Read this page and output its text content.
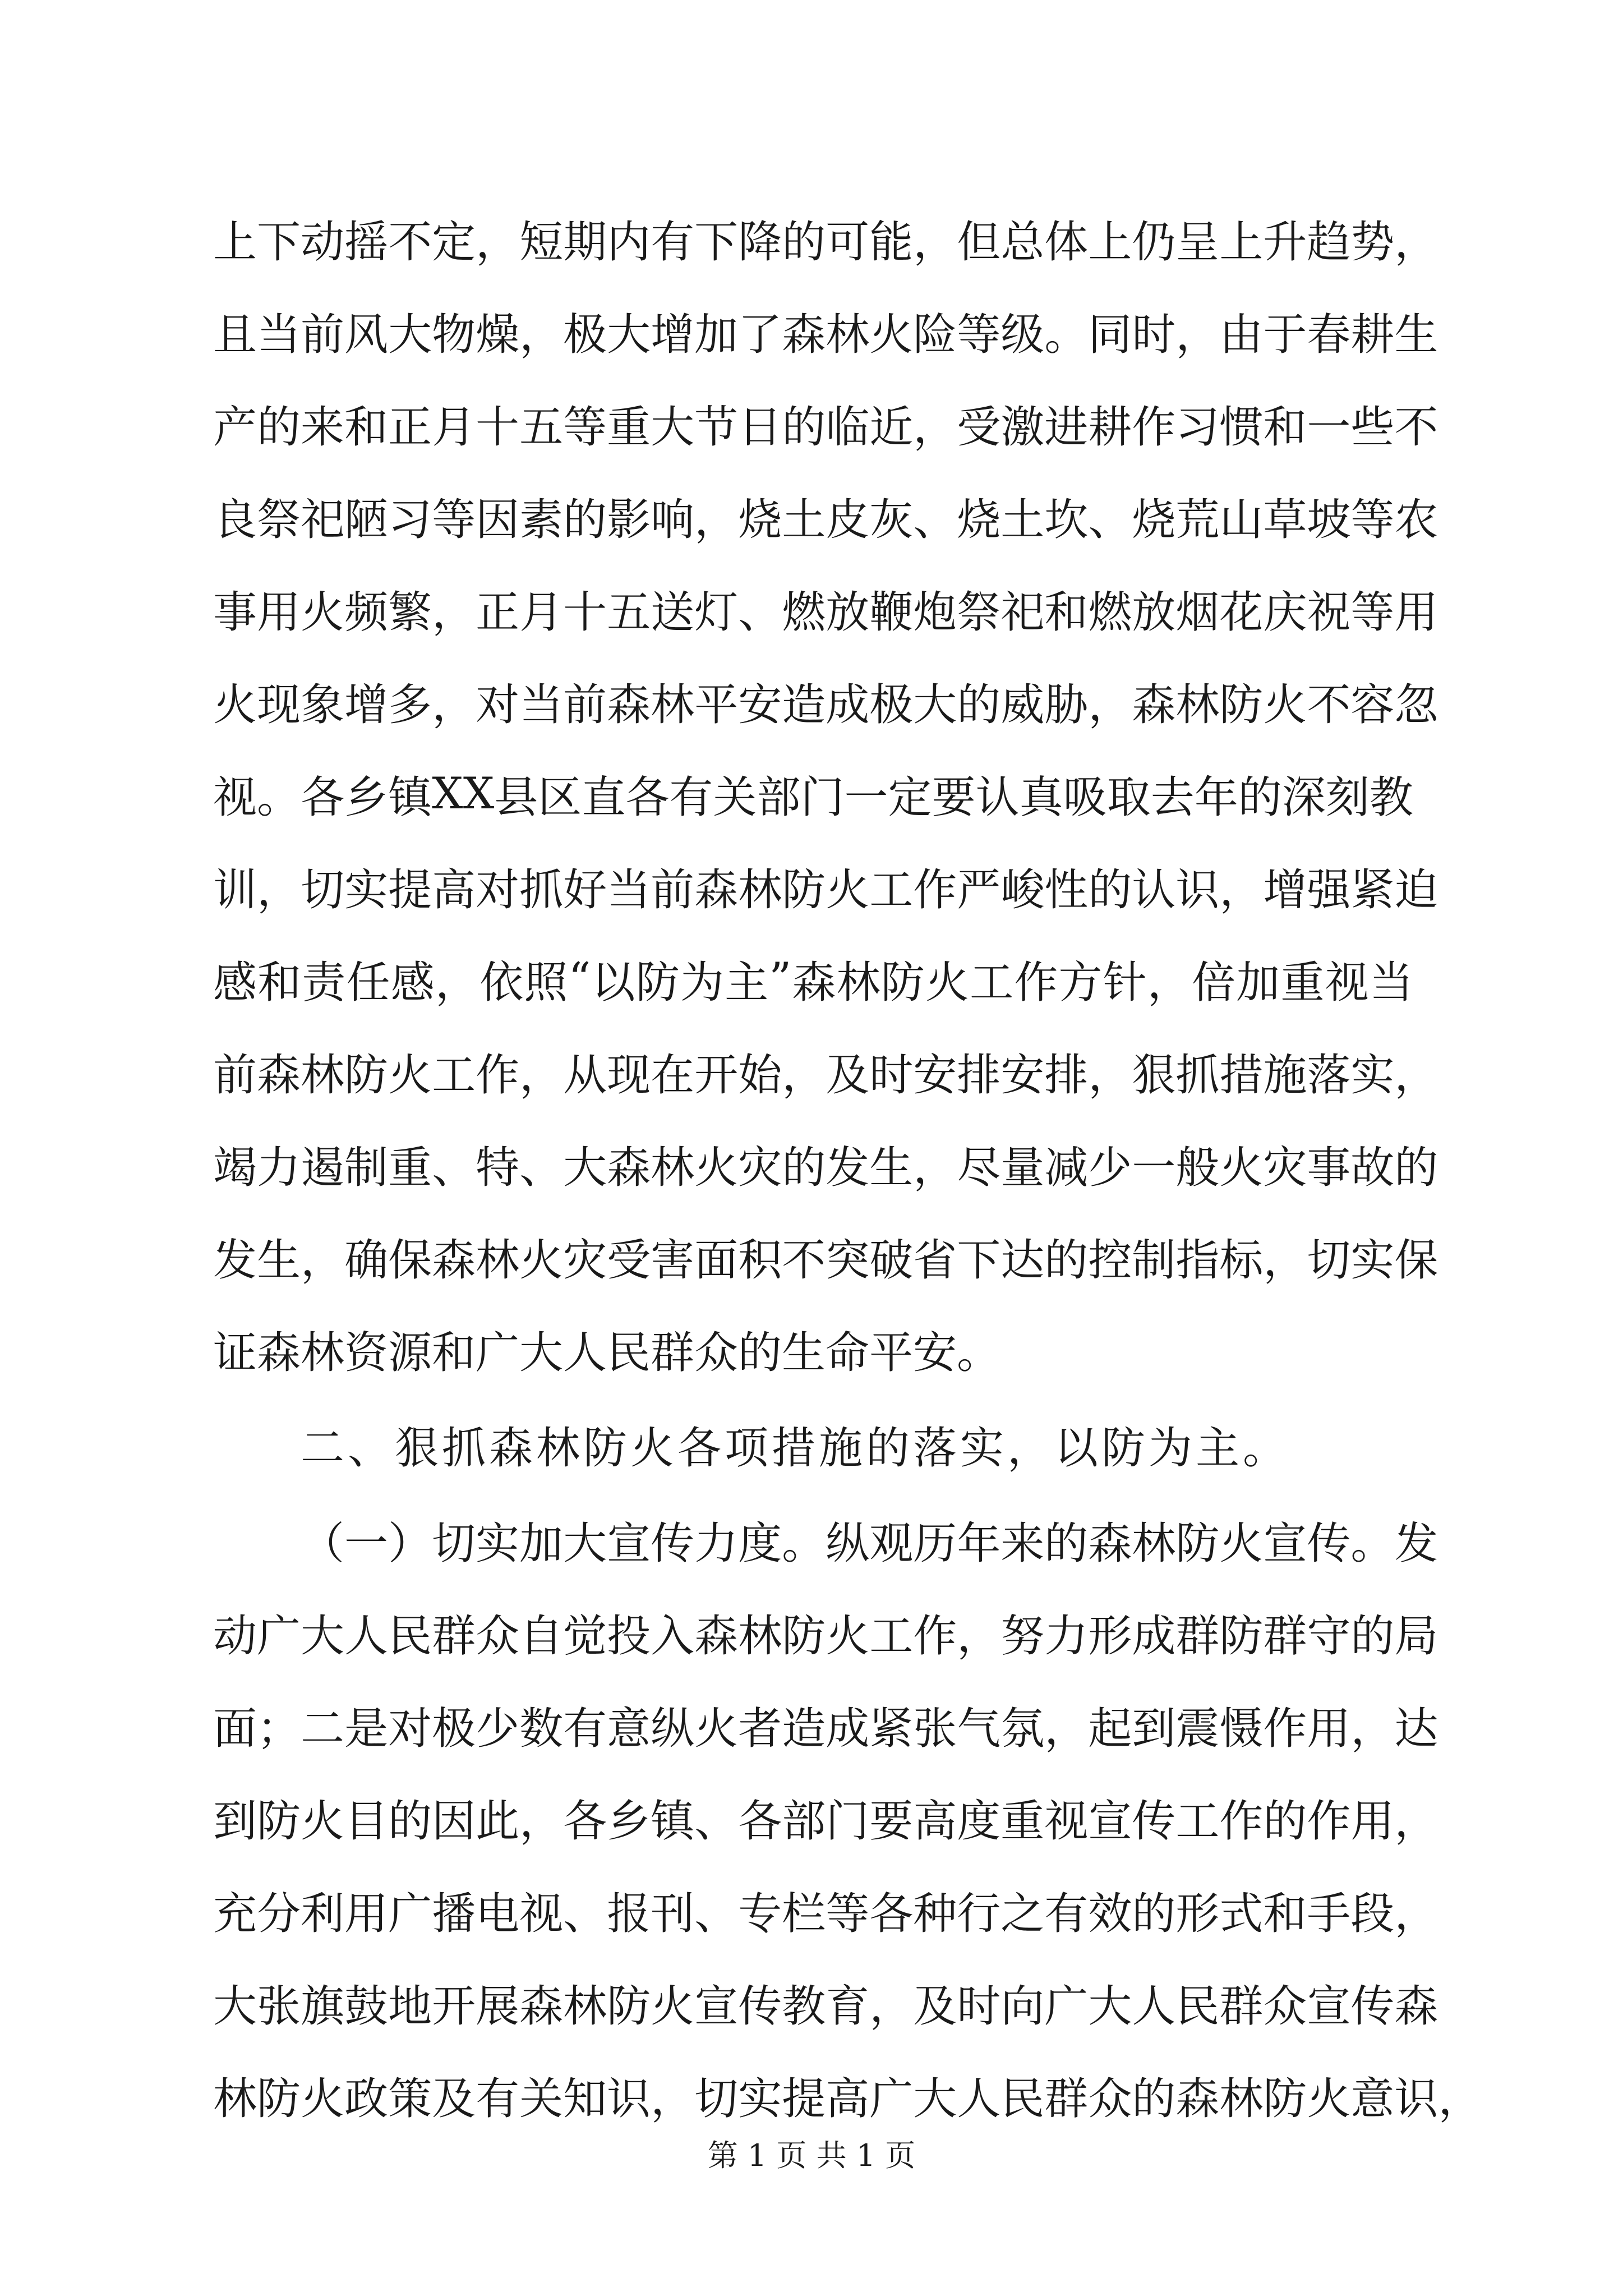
上 下 动 摇 不 定 ， 短 期 内 有 下 降 的 可 能 ， 但 总 体 上 仍 呈 上 升 趋 势 ，
且 当 前 风 大 物 燥 ， 极 大 增 加 了 森 林 火 险 等 级 。 同 时 ， 由 于 春 耕 生
产 的 来 和 正 月 十 五 等 重 大 节 日 的 临 近 ， 受 激 进 耕 作 习 惯 和 一 些 不
良 祭 祀 陋 习 等 因 素 的 影 响 ， 烧 土 皮 灰 、 烧 土 坎 、 烧 荒 山 草 坡 等 农
事 用 火 频 繁 ， 正 月 十 五 送 灯 、 燃 放 鞭 炮 祭 祀 和 燃 放 烟 花 庆 祝 等 用
火 现 象 增 多 ， 对 当 前 森 林 平 安 造 成 极 大 的 威 胁 ， 森 林 防 火 不 容 忽
视 。 各 乡 镇 X X 县 区 直 各 有 关 部 门 一 定 要 认 真 吸 取 去 年 的 深 刻 教
训 ， 切 实 提 高 对 抓 好 当 前 森 林 防 火 工 作 严 峻 性 的 认 识 ， 增 强 紧 迫
感 和 责 任 感 ， 依 照 “ 以 防 为 主 ” 森 林 防 火 工 作 方 针 ， 倍 加 重 视 当
前 森 林 防 火 工 作 ， 从 现 在 开 始 ， 及 时 安 排 安 排 ， 狠 抓 措 施 落 实 ，
竭 力 遏 制 重 、 特 、 大 森 林 火 灾 的 发 生 ， 尽 量 减 少 一 般 火 灾 事 故 的
发 生 ， 确 保 森 林 火 灾 受 害 面 积 不 突 破 省 下 达 的 控 制 指 标 ， 切 实 保
证森林资源和广大人民群众的生命平安。
二、狠抓森林防火各项措施的落实，以防为主。
（ 一 ） 切 实 加 大 宣 传 力 度 。 纵 观 历 年 来 的 森 林 防 火 宣 传 。 发
动 广 大 人 民 群 众 自 觉 投 入 森 林 防 火 工 作 ， 努 力 形 成 群 防 群 守 的 局
面 ； 二 是 对 极 少 数 有 意 纵 火 者 造 成 紧 张 气 氛 ， 起 到 震 慑 作 用 ， 达
到 防 火 目 的 因 此 ， 各 乡 镇 、 各 部 门 要 高 度 重 视 宣 传 工 作 的 作 用 ，
充 分 利 用 广 播 电 视 、 报 刊 、 专 栏 等 各 种 行 之 有 效 的 形 式 和 手 段 ，
大 张 旗 鼓 地 开 展 森 林 防 火 宣 传 教 育 ， 及 时 向 广 大 人 民 群 众 宣 传 森
林 防 火 政 策 及 有 关 知 识 ， 切 实 提 高 广 大 人 民 群 众 的 森 林 防 火 意 识 ，
第 1 页 共 1 页
